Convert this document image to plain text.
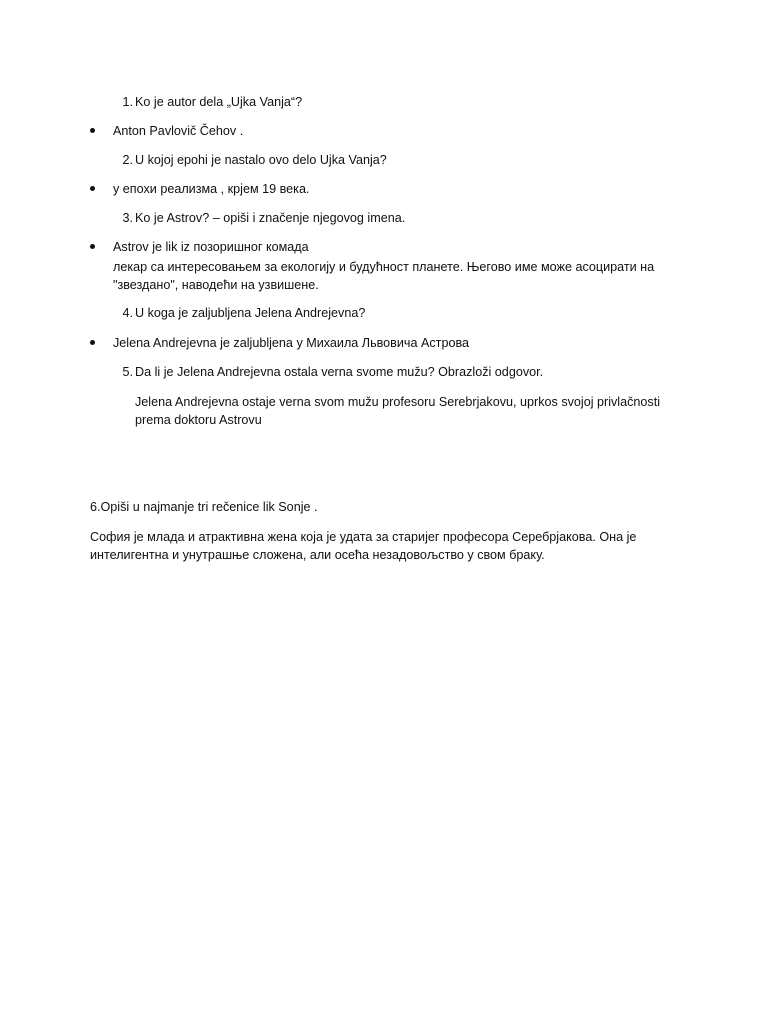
1. Ko je autor dela „Ujka Vanja“?
Anton Pavlovič Čehov .
2. U kojoj epohi je nastalo ovo delo Ujka Vanja?
у епохи реализма , крјем 19 века.
3. Ko je Astrov? – opiši i značenje njegovog imena.
Astrov je lik iz позоришног комада
лекар са интересовањем за екологију и будућност планете. Његово име може асоцирати на
"звездано", наводећи на узвишене.
4. U koga je zaljubljena Jelena Andrejevna?
Jelena Andrejevna je zaljubljena у Михаила Львовича Астрова
5. Da li je Jelena Andrejevna ostala verna svome mužu? Obrazloži odgovor.
Jelena Andrejevna ostaje verna svom mužu profesoru Serebrjakovu, uprkos svojoj privlačnosti
prema doktoru Astrovu
6.Opiši u najmanje tri rečenice lik Sonje .
София је млада и атрактивна жена која је удата за старијег професора Серебрјакова. Она је
интелигентна и унутрашње сложена, али осећа незадовољство у свом браку.
